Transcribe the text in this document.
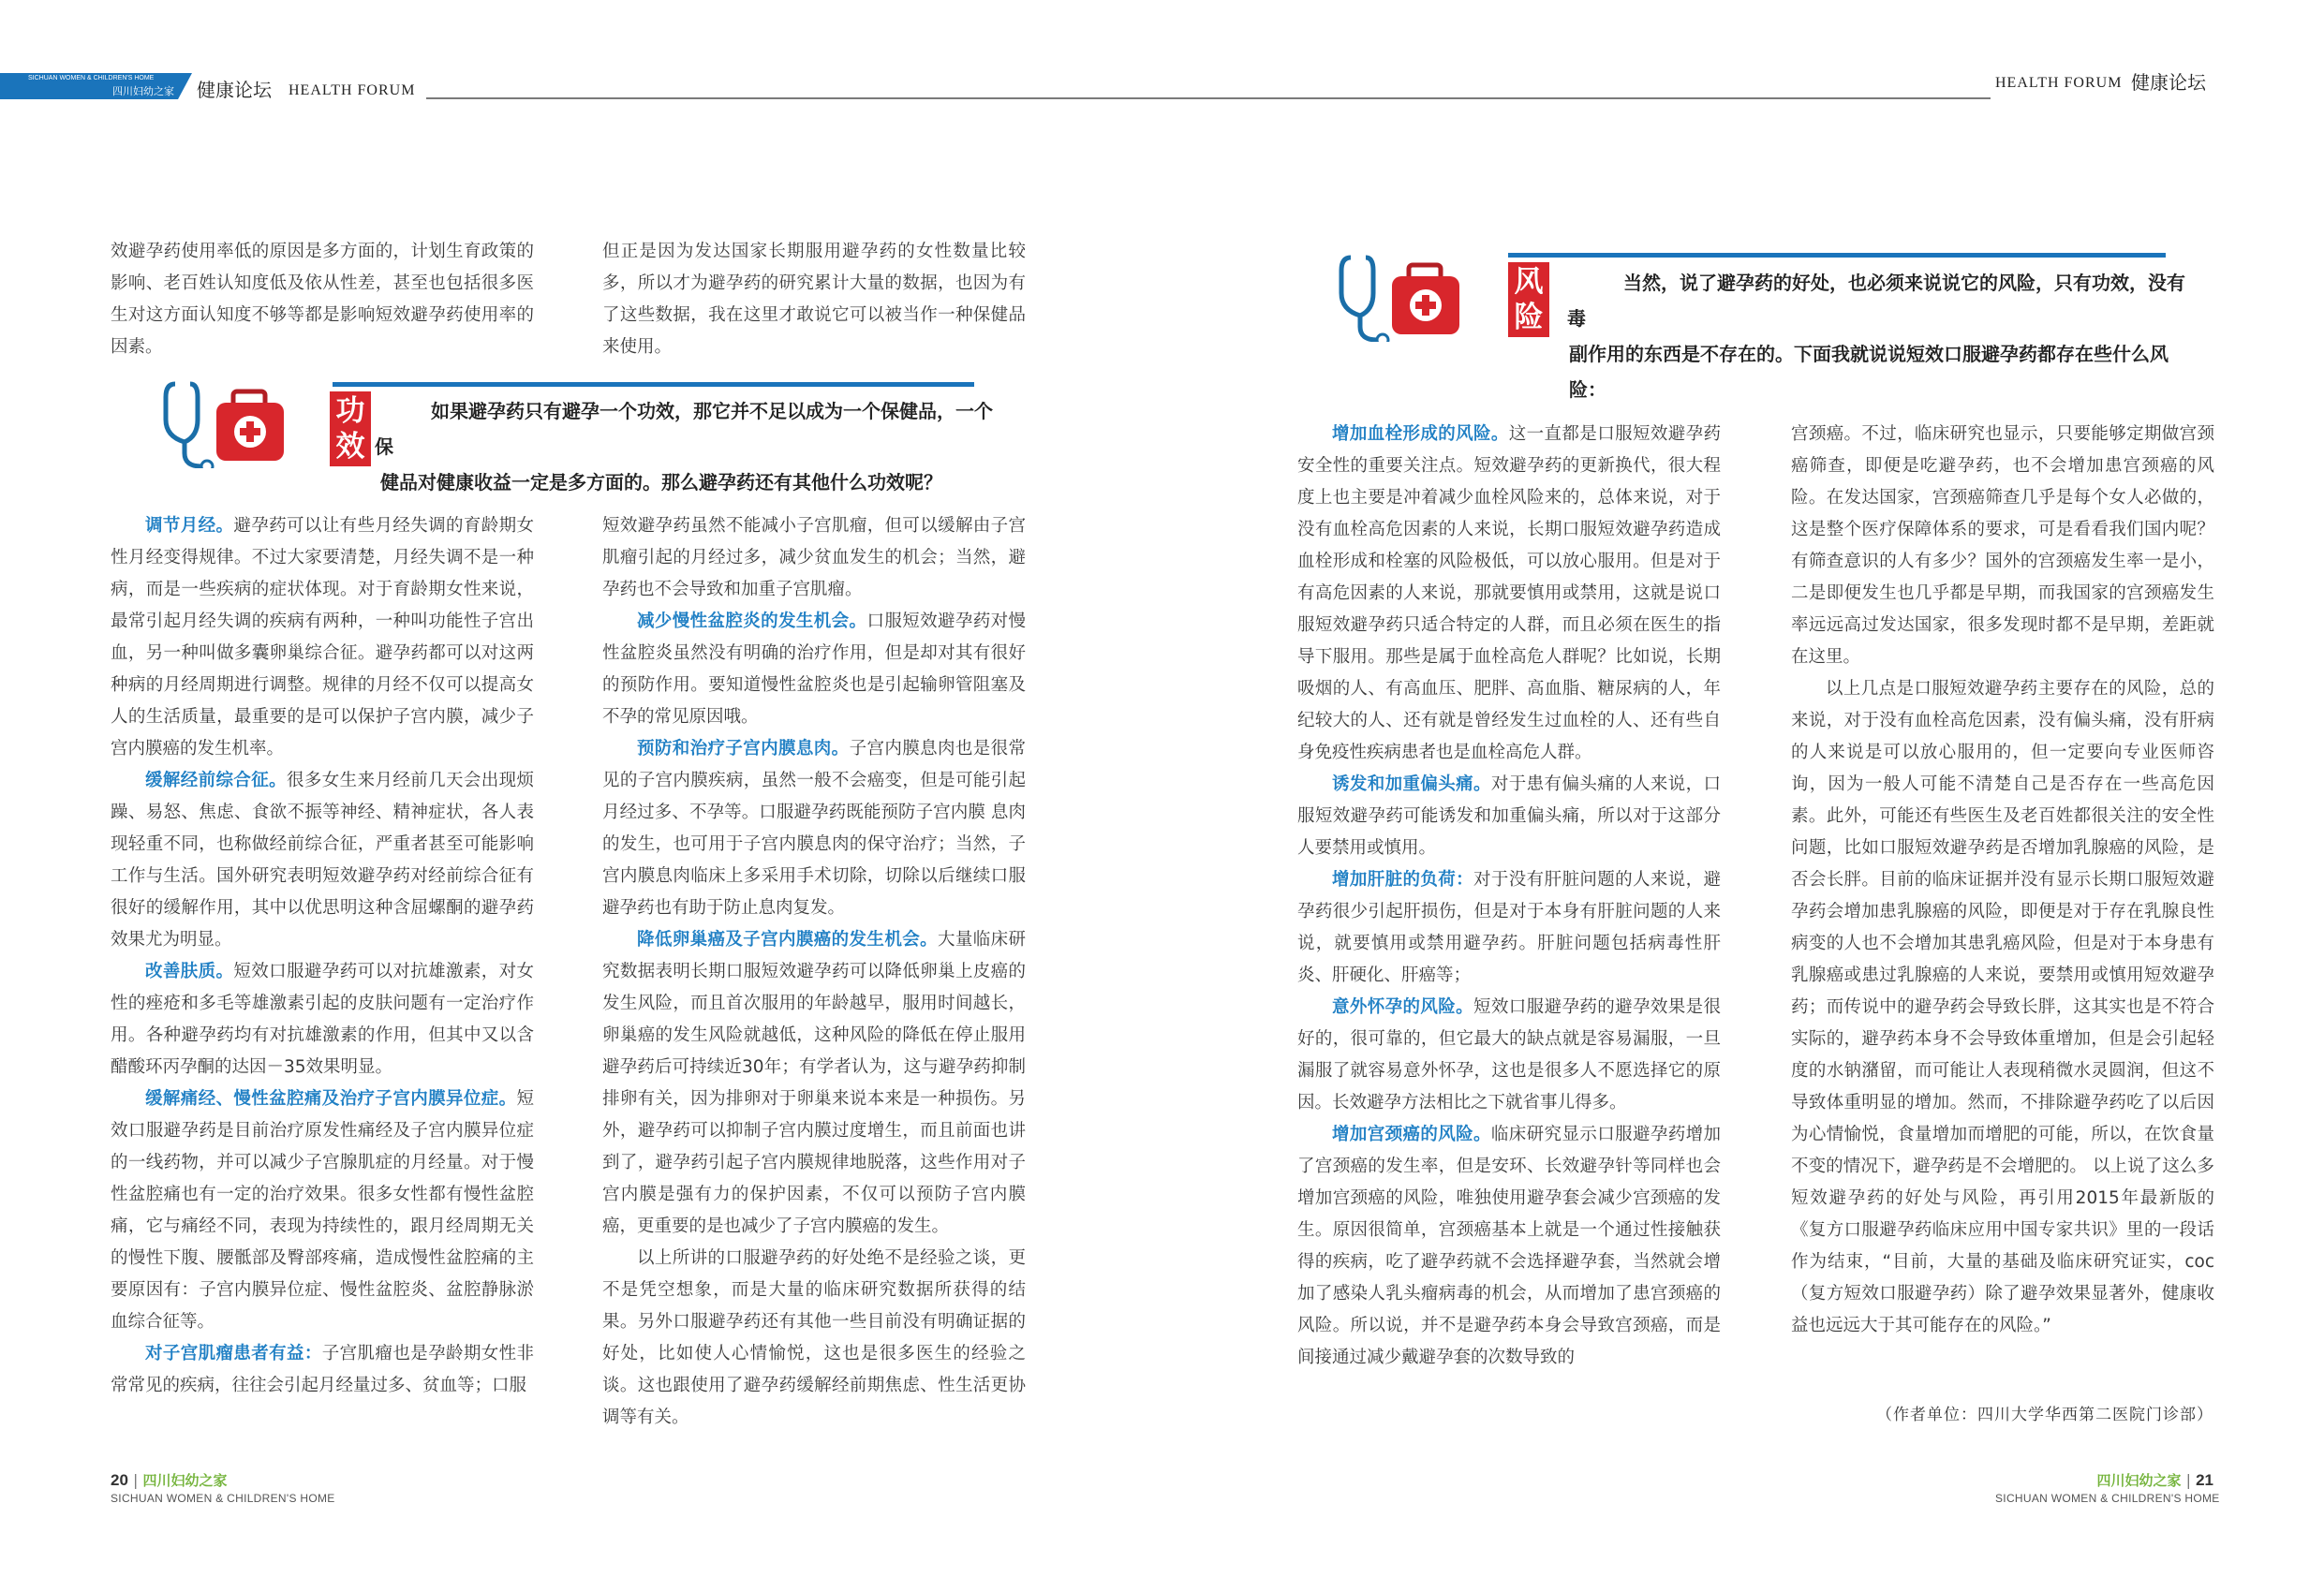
SICHUAN WOMEN & CHILDREN'S HOME
四川妇幼之家 健康论坛 HEALTH FORUM	HEALTH FORUM 健康论坛

效避孕药使用率低的原因是多方面的，计划生育政策的影响、老百姓认知度低及依从性差，甚至也包括很多医生对这方面认知度不够等都是影响短效避孕药使用率的因素。

但正是因为发达国家长期服用避孕药的女性数量比较多，所以才为避孕药的研究累计大量的数据，也因为有了这些数据，我在这里才敢说它可以被当作一种保健品来使用。

功
效
如果避孕药只有避孕一个功效，那它并不足以成为一个保健品，一个保
健品对健康收益一定是多方面的。那么避孕药还有其他什么功效呢？

调节月经。避孕药可以让有些月经失调的育龄期女性月经变得规律。不过大家要清楚，月经失调不是一种病，而是一些疾病的症状体现。对于育龄期女性来说，最常引起月经失调的疾病有两种，一种叫功能性子宫出血，另一种叫做多囊卵巢综合征。避孕药都可以对这两种病的月经周期进行调整。规律的月经不仅可以提高女人的生活质量，最重要的是可以保护子宫内膜，减少子宫内膜癌的发生机率。

缓解经前综合征。很多女生来月经前几天会出现烦躁、易怒、焦虑、食欲不振等神经、精神症状，各人表现轻重不同，也称做经前综合征，严重者甚至可能影响工作与生活。国外研究表明短效避孕药对经前综合征有很好的缓解作用，其中以优思明这种含屈螺酮的避孕药效果尤为明显。

改善肤质。短效口服避孕药可以对抗雄激素，对女性的痤疮和多毛等雄激素引起的皮肤问题有一定治疗作用。各种避孕药均有对抗雄激素的作用，但其中又以含醋酸环丙孕酮的达因－35效果明显。

缓解痛经、慢性盆腔痛及治疗子宫内膜异位症。短效口服避孕药是目前治疗原发性痛经及子宫内膜异位症的一线药物，并可以减少子宫腺肌症的月经量。对于慢性盆腔痛也有一定的治疗效果。很多女性都有慢性盆腔痛，它与痛经不同，表现为持续性的，跟月经周期无关的慢性下腹、腰骶部及臀部疼痛，造成慢性盆腔痛的主要原因有：子宫内膜异位症、慢性盆腔炎、盆腔静脉淤血综合征等。

对子宫肌瘤患者有益：子宫肌瘤也是孕龄期女性非常常见的疾病，往往会引起月经量过多、贫血等；口服

短效避孕药虽然不能减小子宫肌瘤，但可以缓解由子宫肌瘤引起的月经过多，减少贫血发生的机会；当然，避孕药也不会导致和加重子宫肌瘤。

减少慢性盆腔炎的发生机会。口服短效避孕药对慢性盆腔炎虽然没有明确的治疗作用，但是却对其有很好的预防作用。要知道慢性盆腔炎也是引起输卵管阻塞及不孕的常见原因哦。

预防和治疗子宫内膜息肉。子宫内膜息肉也是很常见的子宫内膜疾病，虽然一般不会癌变，但是可能引起月经过多、不孕等。口服避孕药既能预防子宫内膜 息肉的发生，也可用于子宫内膜息肉的保守治疗；当然，子宫内膜息肉临床上多采用手术切除，切除以后继续口服避孕药也有助于防止息肉复发。

降低卵巢癌及子宫内膜癌的发生机会。大量临床研究数据表明长期口服短效避孕药可以降低卵巢上皮癌的发生风险，而且首次服用的年龄越早，服用时间越长，卵巢癌的发生风险就越低，这种风险的降低在停止服用避孕药后可持续近30年；有学者认为，这与避孕药抑制排卵有关，因为排卵对于卵巢来说本来是一种损伤。另外，避孕药可以抑制子宫内膜过度增生，而且前面也讲到了，避孕药引起子宫内膜规律地脱落，这些作用对子宫内膜是强有力的保护因素，不仅可以预防子宫内膜癌，更重要的是也减少了子宫内膜癌的发生。

以上所讲的口服避孕药的好处绝不是经验之谈，更不是凭空想象，而是大量的临床研究数据所获得的结果。另外口服避孕药还有其他一些目前没有明确证据的好处，比如使人心情愉悦，这也是很多医生的经验之谈。这也跟使用了避孕药缓解经前期焦虑、性生活更协调等有关。

20 | 四川妇幼之家
SICHUAN WOMEN & CHILDREN'S HOME
风
险
当然，说了避孕药的好处，也必须来说说它的风险，只有功效，没有毒
副作用的东西是不存在的。下面我就说说短效口服避孕药都存在些什么风险：

增加血栓形成的风险。这一直都是口服短效避孕药安全性的重要关注点。短效避孕药的更新换代，很大程度上也主要是冲着减少血栓风险来的，总体来说，对于没有血栓高危因素的人来说，长期口服短效避孕药造成血栓形成和栓塞的风险极低，可以放心服用。但是对于有高危因素的人来说，那就要慎用或禁用，这就是说口服短效避孕药只适合特定的人群，而且必须在医生的指导下服用。那些是属于血栓高危人群呢？比如说，长期吸烟的人、有高血压、肥胖、高血脂、糖尿病的人，年纪较大的人、还有就是曾经发生过血栓的人、还有些自身免疫性疾病患者也是血栓高危人群。

诱发和加重偏头痛。对于患有偏头痛的人来说，口服短效避孕药可能诱发和加重偏头痛，所以对于这部分人要禁用或慎用。

增加肝脏的负荷：对于没有肝脏问题的人来说，避孕药很少引起肝损伤，但是对于本身有肝脏问题的人来说，就要慎用或禁用避孕药。肝脏问题包括病毒性肝炎、肝硬化、肝癌等；

意外怀孕的风险。短效口服避孕药的避孕效果是很好的，很可靠的，但它最大的缺点就是容易漏服，一旦漏服了就容易意外怀孕，这也是很多人不愿选择它的原因。长效避孕方法相比之下就省事儿得多。

增加宫颈癌的风险。临床研究显示口服避孕药增加了宫颈癌的发生率，但是安环、长效避孕针等同样也会增加宫颈癌的风险，唯独使用避孕套会减少宫颈癌的发生。原因很简单，宫颈癌基本上就是一个通过性接触获得的疾病，吃了避孕药就不会选择避孕套，当然就会增加了感染人乳头瘤病毒的机会，从而增加了患宫颈癌的风险。所以说，并不是避孕药本身会导致宫颈癌，而是间接通过减少戴避孕套的次数导致的

宫颈癌。不过，临床研究也显示，只要能够定期做宫颈癌筛查，即便是吃避孕药，也不会增加患宫颈癌的风险。在发达国家，宫颈癌筛查几乎是每个女人必做的，这是整个医疗保障体系的要求，可是看看我们国内呢？有筛查意识的人有多少？国外的宫颈癌发生率一是小，二是即便发生也几乎都是早期，而我国家的宫颈癌发生率远远高过发达国家，很多发现时都不是早期，差距就在这里。

以上几点是口服短效避孕药主要存在的风险，总的来说，对于没有血栓高危因素，没有偏头痛，没有肝病的人来说是可以放心服用的，但一定要向专业医师咨询，因为一般人可能不清楚自己是否存在一些高危因素。此外，可能还有些医生及老百姓都很关注的安全性问题，比如口服短效避孕药是否增加乳腺癌的风险，是否会长胖。目前的临床证据并没有显示长期口服短效避孕药会增加患乳腺癌的风险，即便是对于存在乳腺良性病变的人也不会增加其患乳癌风险，但是对于本身患有乳腺癌或患过乳腺癌的人来说，要禁用或慎用短效避孕药；而传说中的避孕药会导致长胖，这其实也是不符合实际的，避孕药本身不会导致体重增加，但是会引起轻度的水钠潴留，而可能让人表现稍微水灵圆润，但这不导致体重明显的增加。然而，不排除避孕药吃了以后因为心情愉悦，食量增加而增肥的可能，所以，在饮食量不变的情况下，避孕药是不会增肥的。 以上说了这么多短效避孕药的好处与风险，再引用2015年最新版的《复方口服避孕药临床应用中国专家共识》里的一段话作为结束，“目前，大量的基础及临床研究证实，coc（复方短效口服避孕药）除了避孕效果显著外，健康收益也远远大于其可能存在的风险。”

（作者单位：四川大学华西第二医院门诊部）
四川妇幼之家 | 21
SICHUAN WOMEN & CHILDREN'S HOME
